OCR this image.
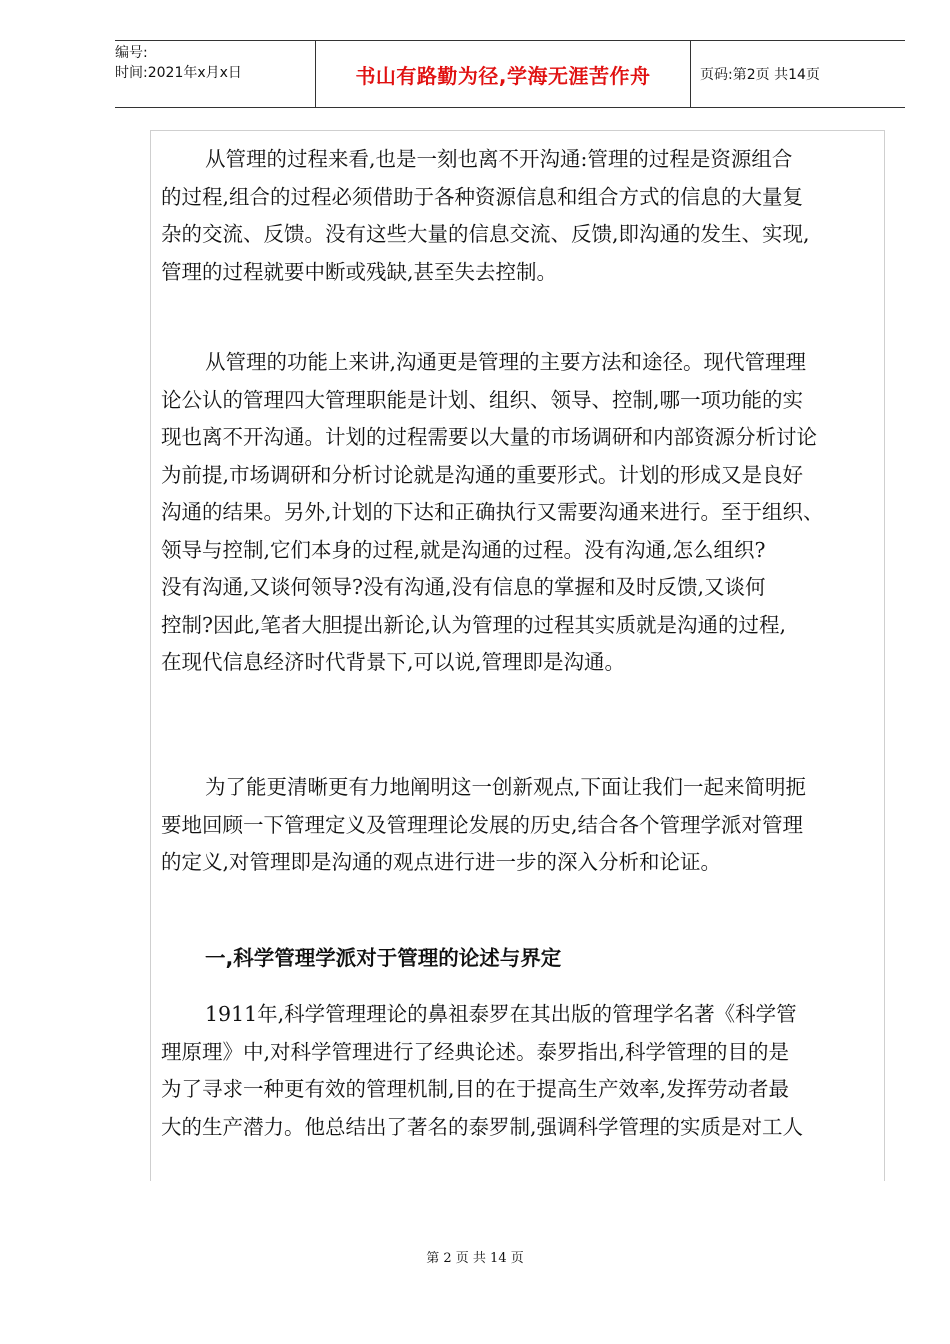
编号:
时间:2021年x月x日	书山有路勤为径,学海无涯苦作舟	页码:第2页 共14页
从管理的过程来看,也是一刻也离不开沟通:管理的过程是资源组合
的过程,组合的过程必须借助于各种资源信息和组合方式的信息的大量复
杂的交流、反馈。没有这些大量的信息交流、反馈,即沟通的发生、实现,
管理的过程就要中断或残缺,甚至失去控制。
从管理的功能上来讲,沟通更是管理的主要方法和途径。现代管理理
论公认的管理四大管理职能是计划、组织、领导、控制,哪一项功能的实
现也离不开沟通。计划的过程需要以大量的市场调研和内部资源分析讨论
为前提,市场调研和分析讨论就是沟通的重要形式。计划的形成又是良好
沟通的结果。另外,计划的下达和正确执行又需要沟通来进行。至于组织、
领导与控制,它们本身的过程,就是沟通的过程。没有沟通,怎么组织?
没有沟通,又谈何领导?没有沟通,没有信息的掌握和及时反馈,又谈何
控制?因此,笔者大胆提出新论,认为管理的过程其实质就是沟通的过程,
在现代信息经济时代背景下,可以说,管理即是沟通。
为了能更清晰更有力地阐明这一创新观点,下面让我们一起来简明扼
要地回顾一下管理定义及管理理论发展的历史,结合各个管理学派对管理
的定义,对管理即是沟通的观点进行进一步的深入分析和论证。
一,科学管理学派对于管理的论述与界定
1911年,科学管理理论的鼻祖泰罗在其出版的管理学名著《科学管
理原理》中,对科学管理进行了经典论述。泰罗指出,科学管理的目的是
为了寻求一种更有效的管理机制,目的在于提高生产效率,发挥劳动者最
大的生产潜力。他总结出了著名的泰罗制,强调科学管理的实质是对工人
第 2 页 共 14 页
